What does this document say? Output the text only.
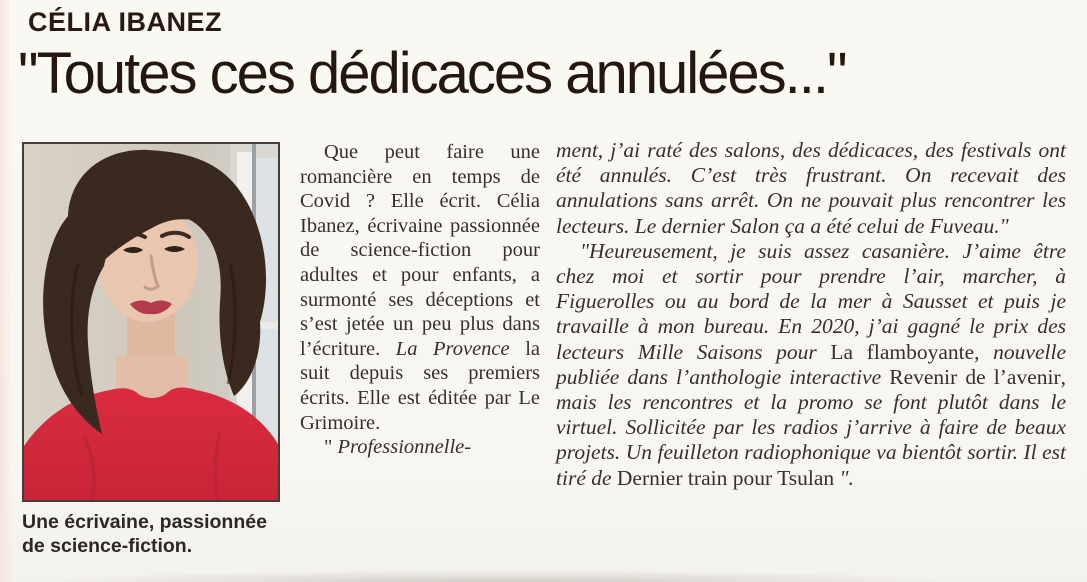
CÉLIA IBANEZ
"Toutes ces dédicaces annulées..."
Une écrivaine, passionnée de science-fiction.

Que peut faire une romancière en temps de Covid ? Elle écrit. Célia Ibanez, écrivaine passionnée de science-fiction pour adultes et pour enfants, a surmonté ses déceptions et s’est jetée un peu plus dans l’écriture. La Provence la suit depuis ses premiers écrits. Elle est éditée par Le Grimoire.

" Professionnelle-

ment, j’ai raté des salons, des dédicaces, des festivals ont été annulés. C’est très frustrant. On recevait des annulations sans arrêt. On ne pouvait plus rencontrer les lecteurs. Le dernier Salon ça a été celui de Fuveau."

"Heureusement, je suis assez casanière. J’aime être chez moi et sortir pour prendre l’air, marcher, à Figuerolles ou au bord de la mer à Sausset et puis je travaille à mon bureau. En 2020, j’ai gagné le prix des lecteurs Mille Saisons pour La flamboyante, nouvelle publiée dans l’anthologie interactive Revenir de l’avenir, mais les rencontres et la promo se font plutôt dans le virtuel. Sollicitée par les radios j’arrive à faire de beaux projets. Un feuilleton radiophonique va bientôt sortir. Il est tiré de Dernier train pour Tsulan ".
